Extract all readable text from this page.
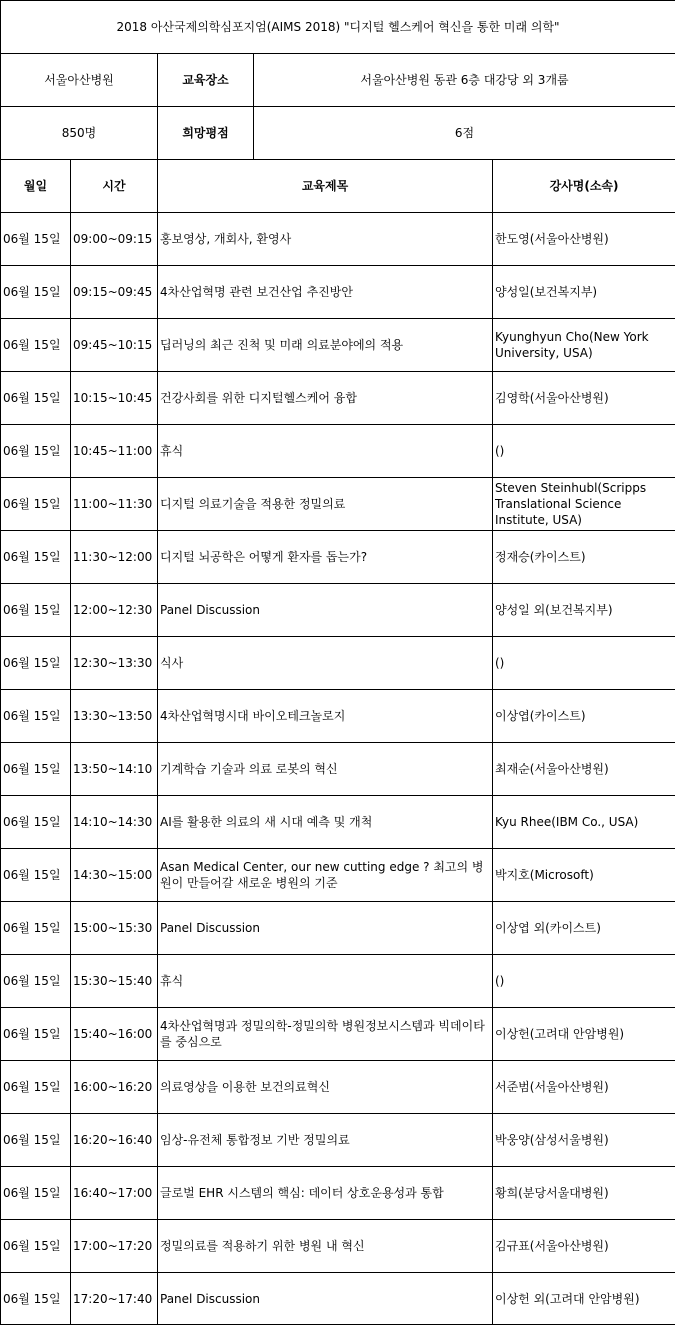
2018 아산국제의학심포지엄(AIMS 2018) "디지털 헬스케어 혁신을 통한 미래 의학"				
서울아산병원		교육장소	서울아산병원 동관 6층 대강당 외 3개룸	
850명		희망평점	6점	
월일	시간	교육제목		강사명(소속)
06월 15일	09:00~09:15	홍보영상, 개회사, 환영사		한도영(서울아산병원)
06월 15일	09:15~09:45	4차산업혁명 관련 보건산업 추진방안		양성일(보건복지부)
06월 15일	09:45~10:15	딥러닝의 최근 진척 및 미래 의료분야에의 적용		Kyunghyun Cho(New York University, USA)
06월 15일	10:15~10:45	건강사회를 위한 디지털헬스케어 융합		김영학(서울아산병원)
06월 15일	10:45~11:00	휴식		()
06월 15일	11:00~11:30	디지털 의료기술을 적용한 정밀의료		Steven Steinhubl(Scripps Translational Science Institute, USA)
06월 15일	11:30~12:00	디지털 뇌공학은 어떻게 환자를 돕는가?		정재승(카이스트)
06월 15일	12:00~12:30	Panel Discussion		양성일 외(보건복지부)
06월 15일	12:30~13:30	식사		()
06월 15일	13:30~13:50	4차산업혁명시대 바이오테크놀로지		이상엽(카이스트)
06월 15일	13:50~14:10	기계학습 기술과 의료 로봇의 혁신		최재순(서울아산병원)
06월 15일	14:10~14:30	AI를 활용한 의료의 새 시대 예측 및 개척		Kyu Rhee(IBM Co., USA)
06월 15일	14:30~15:00	Asan Medical Center, our new cutting edge ? 최고의 병원이 만들어갈 새로운 병원의 기준		박지호(Microsoft)
06월 15일	15:00~15:30	Panel Discussion		이상엽 외(카이스트)
06월 15일	15:30~15:40	휴식		()
06월 15일	15:40~16:00	4차산업혁명과 정밀의학-정밀의학 병원정보시스템과 빅데이타를 중심으로		이상헌(고려대 안암병원)
06월 15일	16:00~16:20	의료영상을 이용한 보건의료혁신		서준범(서울아산병원)
06월 15일	16:20~16:40	임상-유전체 통합정보 기반 정밀의료		박웅양(삼성서울병원)
06월 15일	16:40~17:00	글로벌 EHR 시스템의 핵심: 데이터 상호운용성과 통합		황희(분당서울대병원)
06월 15일	17:00~17:20	정밀의료를 적용하기 위한 병원 내 혁신		김규표(서울아산병원)
06월 15일	17:20~17:40	Panel Discussion		이상헌 외(고려대 안암병원)
